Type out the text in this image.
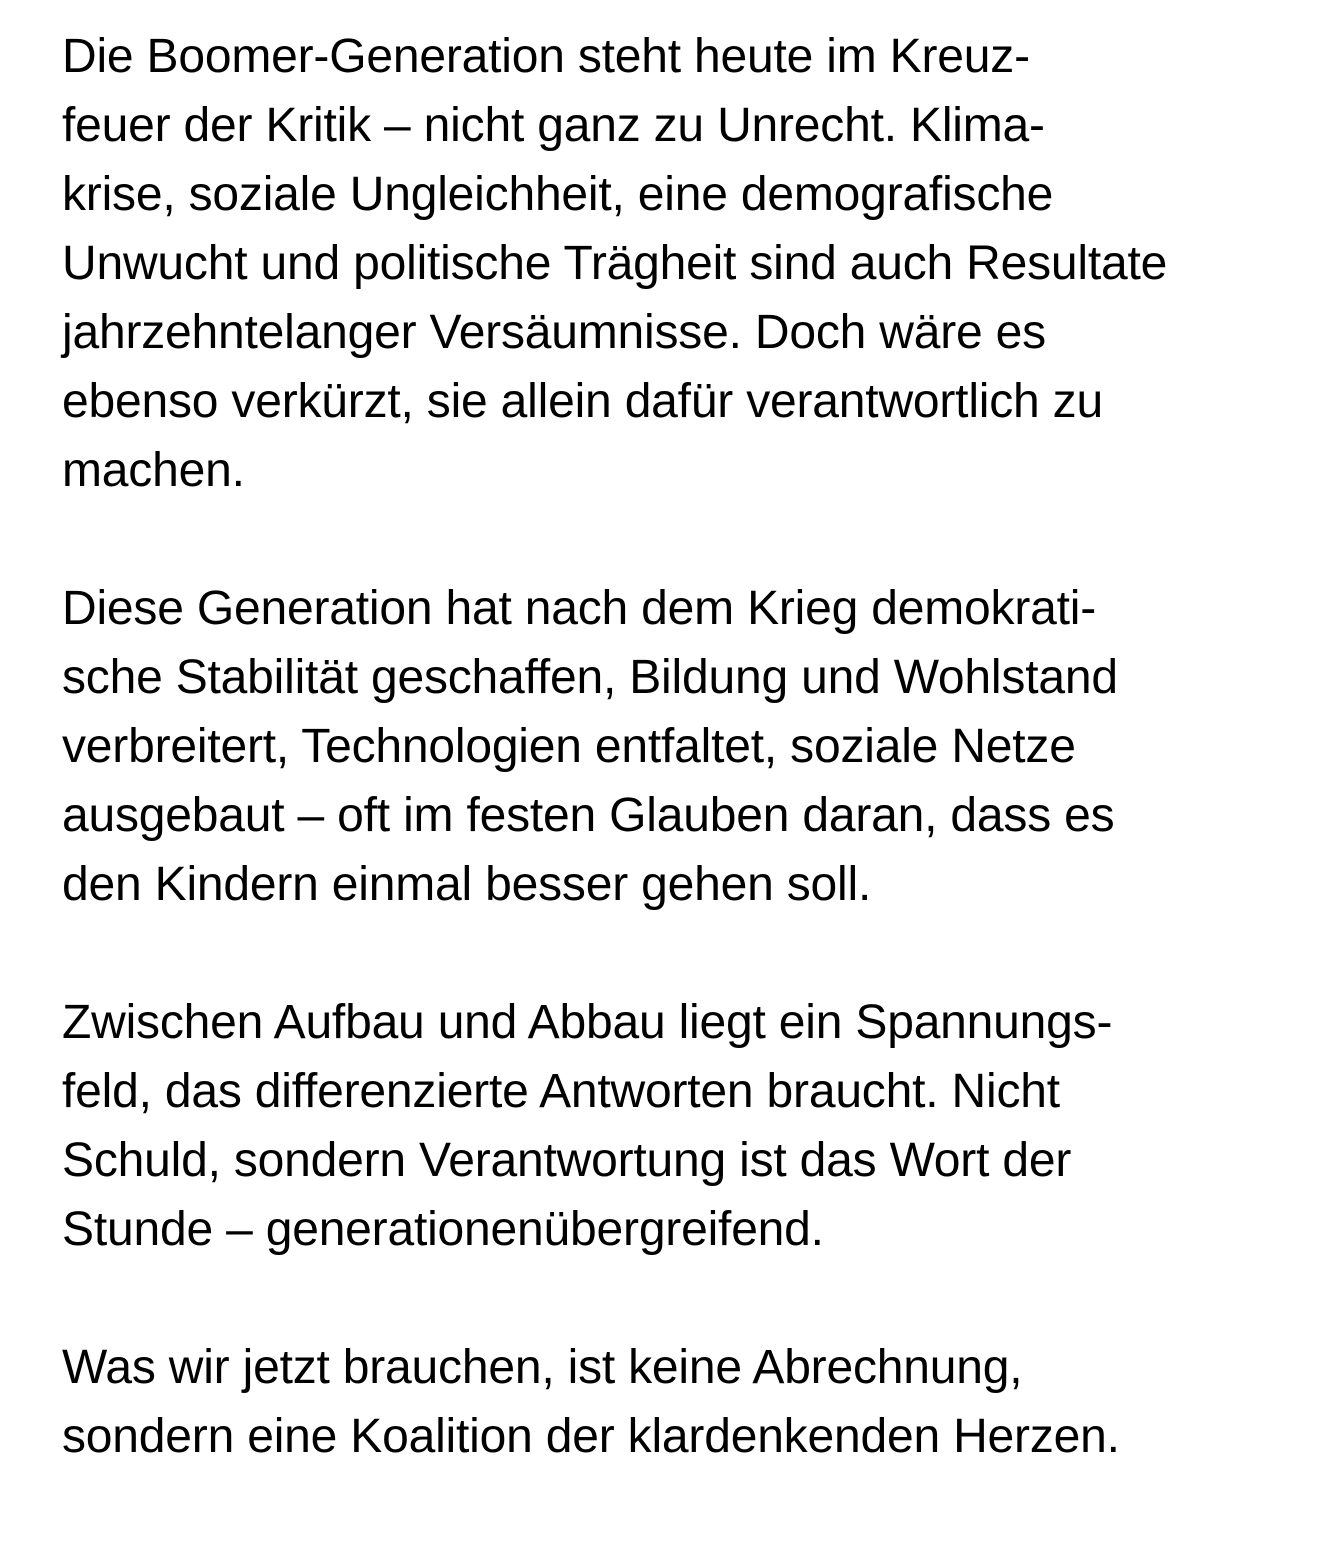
Die Boomer-Generation steht heute im Kreuz-
feuer der Kritik – nicht ganz zu Unrecht. Klima-
krise, soziale Ungleichheit, eine demografische
Unwucht und politische Trägheit sind auch Resultate
jahrzehntelanger Versäumnisse. Doch wäre es
ebenso verkürzt, sie allein dafür verantwortlich zu
machen.

Diese Generation hat nach dem Krieg demokrati-
sche Stabilität geschaffen, Bildung und Wohlstand
verbreitert, Technologien entfaltet, soziale Netze
ausgebaut – oft im festen Glauben daran, dass es
den Kindern einmal besser gehen soll.

Zwischen Aufbau und Abbau liegt ein Spannungs-
feld, das differenzierte Antworten braucht. Nicht
Schuld, sondern Verantwortung ist das Wort der
Stunde – generationenübergreifend.

Was wir jetzt brauchen, ist keine Abrechnung,
sondern eine Koalition der klardenkenden Herzen.
